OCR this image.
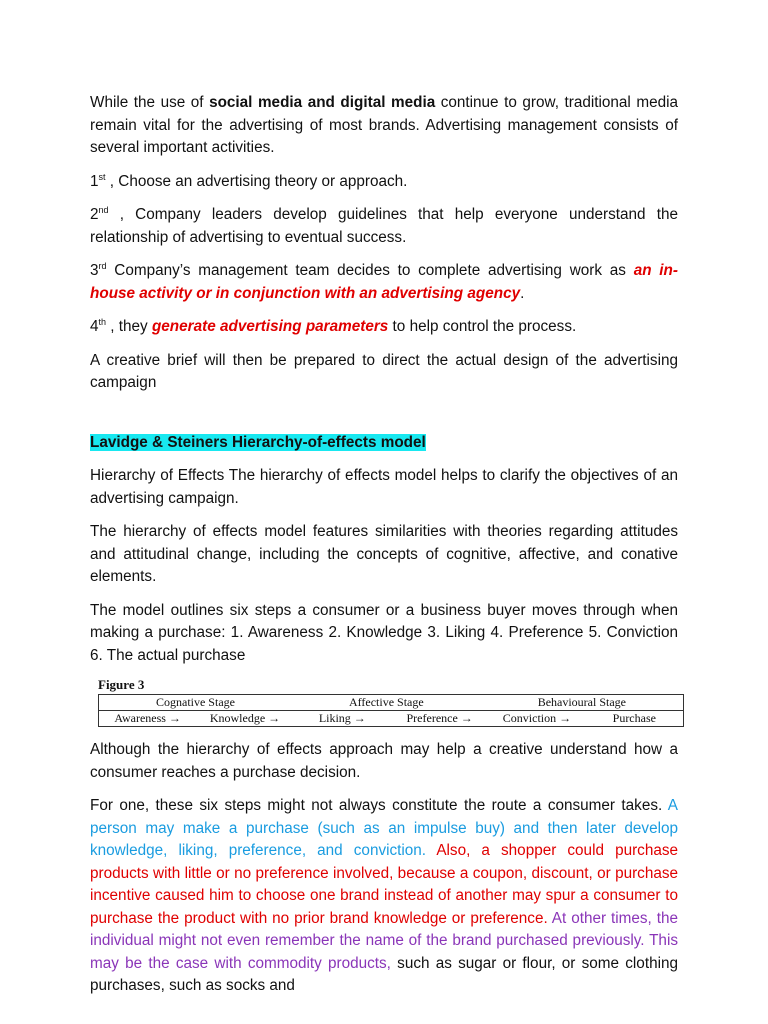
While the use of social media and digital media continue to grow, traditional media remain vital for the advertising of most brands. Advertising management consists of several important activities.

1st , Choose an advertising theory or approach.

2nd , Company leaders develop guidelines that help everyone understand the relationship of advertising to eventual success.

3rd Company’s management team decides to complete advertising work as an in-house activity or in conjunction with an advertising agency.

4th , they generate advertising parameters to help control the process.

A creative brief will then be prepared to direct the actual design of the advertising campaign

Lavidge & Steiners Hierarchy-of-effects model

Hierarchy of Effects The hierarchy of effects model helps to clarify the objectives of an advertising campaign.

The hierarchy of effects model features similarities with theories regarding attitudes and attitudinal change, including the concepts of cognitive, affective, and conative elements.

The model outlines six steps a consumer or a business buyer moves through when making a purchase: 1. Awareness 2. Knowledge 3. Liking 4. Preference 5. Conviction 6. The actual purchase

Figure 3
Cognative Stage	Affective Stage	Behavioural Stage
Awareness →	Knowledge →	Liking →	Preference →	Conviction →	Purchase

Although the hierarchy of effects approach may help a creative understand how a consumer reaches a purchase decision.

For one, these six steps might not always constitute the route a consumer takes. A person may make a purchase (such as an impulse buy) and then later develop knowledge, liking, preference, and conviction. Also, a shopper could purchase products with little or no preference involved, because a coupon, discount, or purchase incentive caused him to choose one brand instead of another may spur a consumer to purchase the product with no prior brand knowledge or preference. At other times, the individual might not even remember the name of the brand purchased previously. This may be the case with commodity products, such as sugar or flour, or some clothing purchases, such as socks and
